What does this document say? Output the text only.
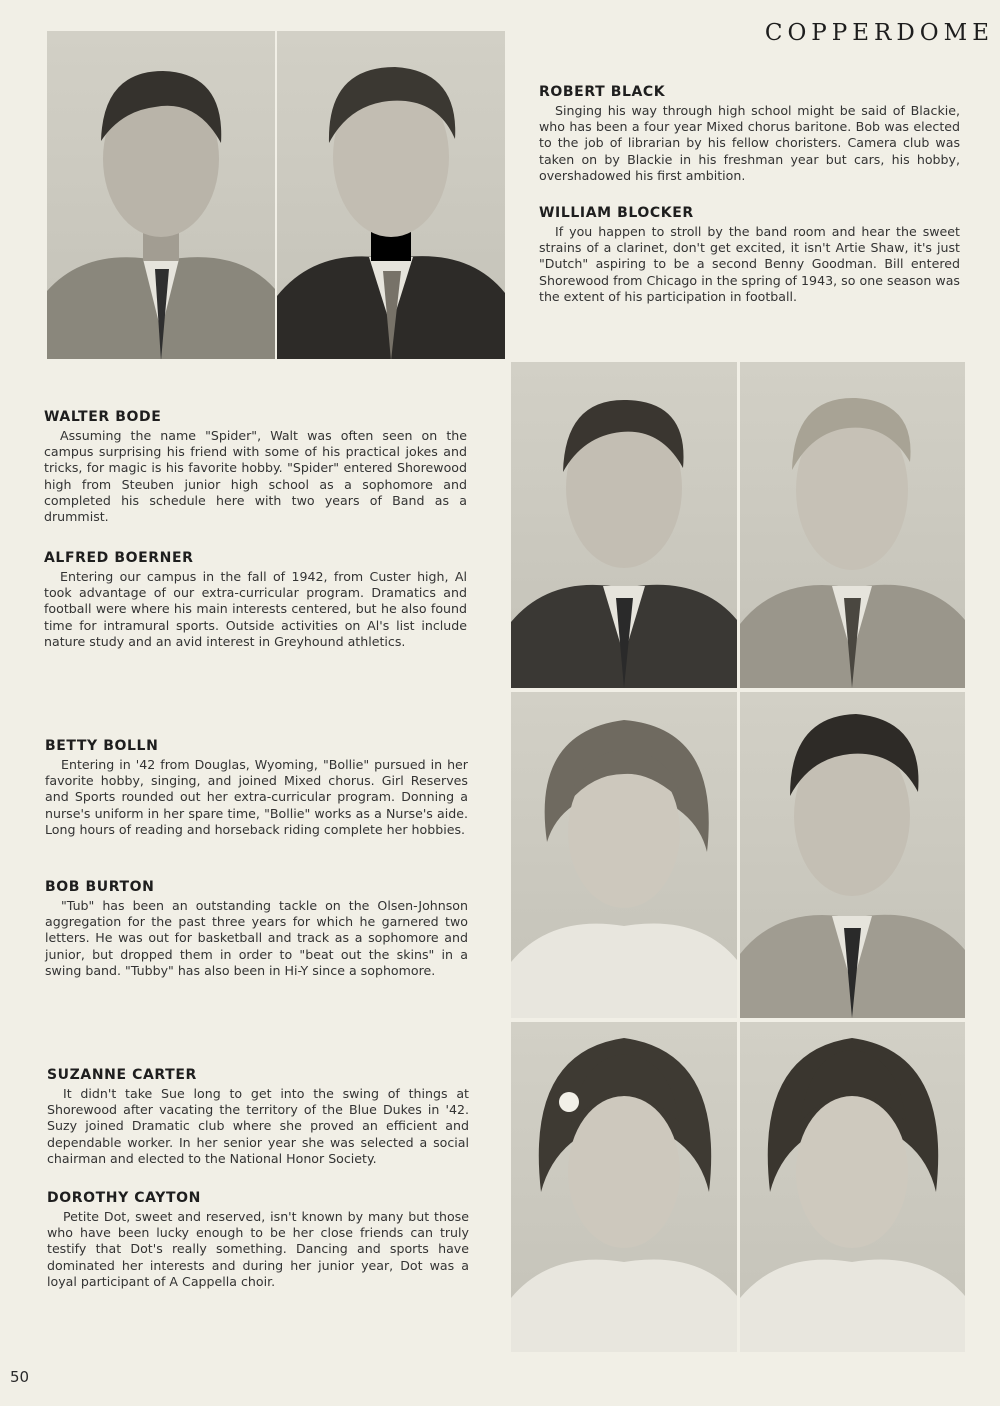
COPPERDOME
ROBERT BLACK
Singing his way through high school might be said of Blackie, who has been a four year Mixed chorus baritone. Bob was elected to the job of librarian by his fellow choristers. Camera club was taken on by Blackie in his freshman year but cars, his hobby, overshadowed his first ambition.
WILLIAM BLOCKER
If you happen to stroll by the band room and hear the sweet strains of a clarinet, don't get excited, it isn't Artie Shaw, it's just "Dutch" aspiring to be a second Benny Goodman. Bill entered Shorewood from Chicago in the spring of 1943, so one season was the extent of his participation in football.
WALTER BODE
Assuming the name "Spider", Walt was often seen on the campus surprising his friend with some of his practical jokes and tricks, for magic is his favorite hobby. "Spider" entered Shorewood high from Steuben junior high school as a sophomore and completed his schedule here with two years of Band as a drummist.
ALFRED BOERNER
Entering our campus in the fall of 1942, from Custer high, Al took advantage of our extra-curricular program. Dramatics and football were where his main interests centered, but he also found time for intramural sports. Outside activities on Al's list include nature study and an avid interest in Greyhound athletics.
BETTY BOLLN
Entering in '42 from Douglas, Wyoming, "Bollie" pursued in her favorite hobby, singing, and joined Mixed chorus. Girl Reserves and Sports rounded out her extra-curricular program. Donning a nurse's uniform in her spare time, "Bollie" works as a Nurse's aide. Long hours of reading and horseback riding complete her hobbies.
BOB BURTON
"Tub" has been an outstanding tackle on the Olsen-Johnson aggregation for the past three years for which he garnered two letters. He was out for basketball and track as a sophomore and junior, but dropped them in order to "beat out the skins" in a swing band. "Tubby" has also been in Hi-Y since a sophomore.
SUZANNE CARTER
It didn't take Sue long to get into the swing of things at Shorewood after vacating the territory of the Blue Dukes in '42. Suzy joined Dramatic club where she proved an efficient and dependable worker. In her senior year she was selected a social chairman and elected to the National Honor Society.
DOROTHY CAYTON
Petite Dot, sweet and reserved, isn't known by many but those who have been lucky enough to be her close friends can truly testify that Dot's really something. Dancing and sports have dominated her interests and during her junior year, Dot was a loyal participant of A Cappella choir.
50
